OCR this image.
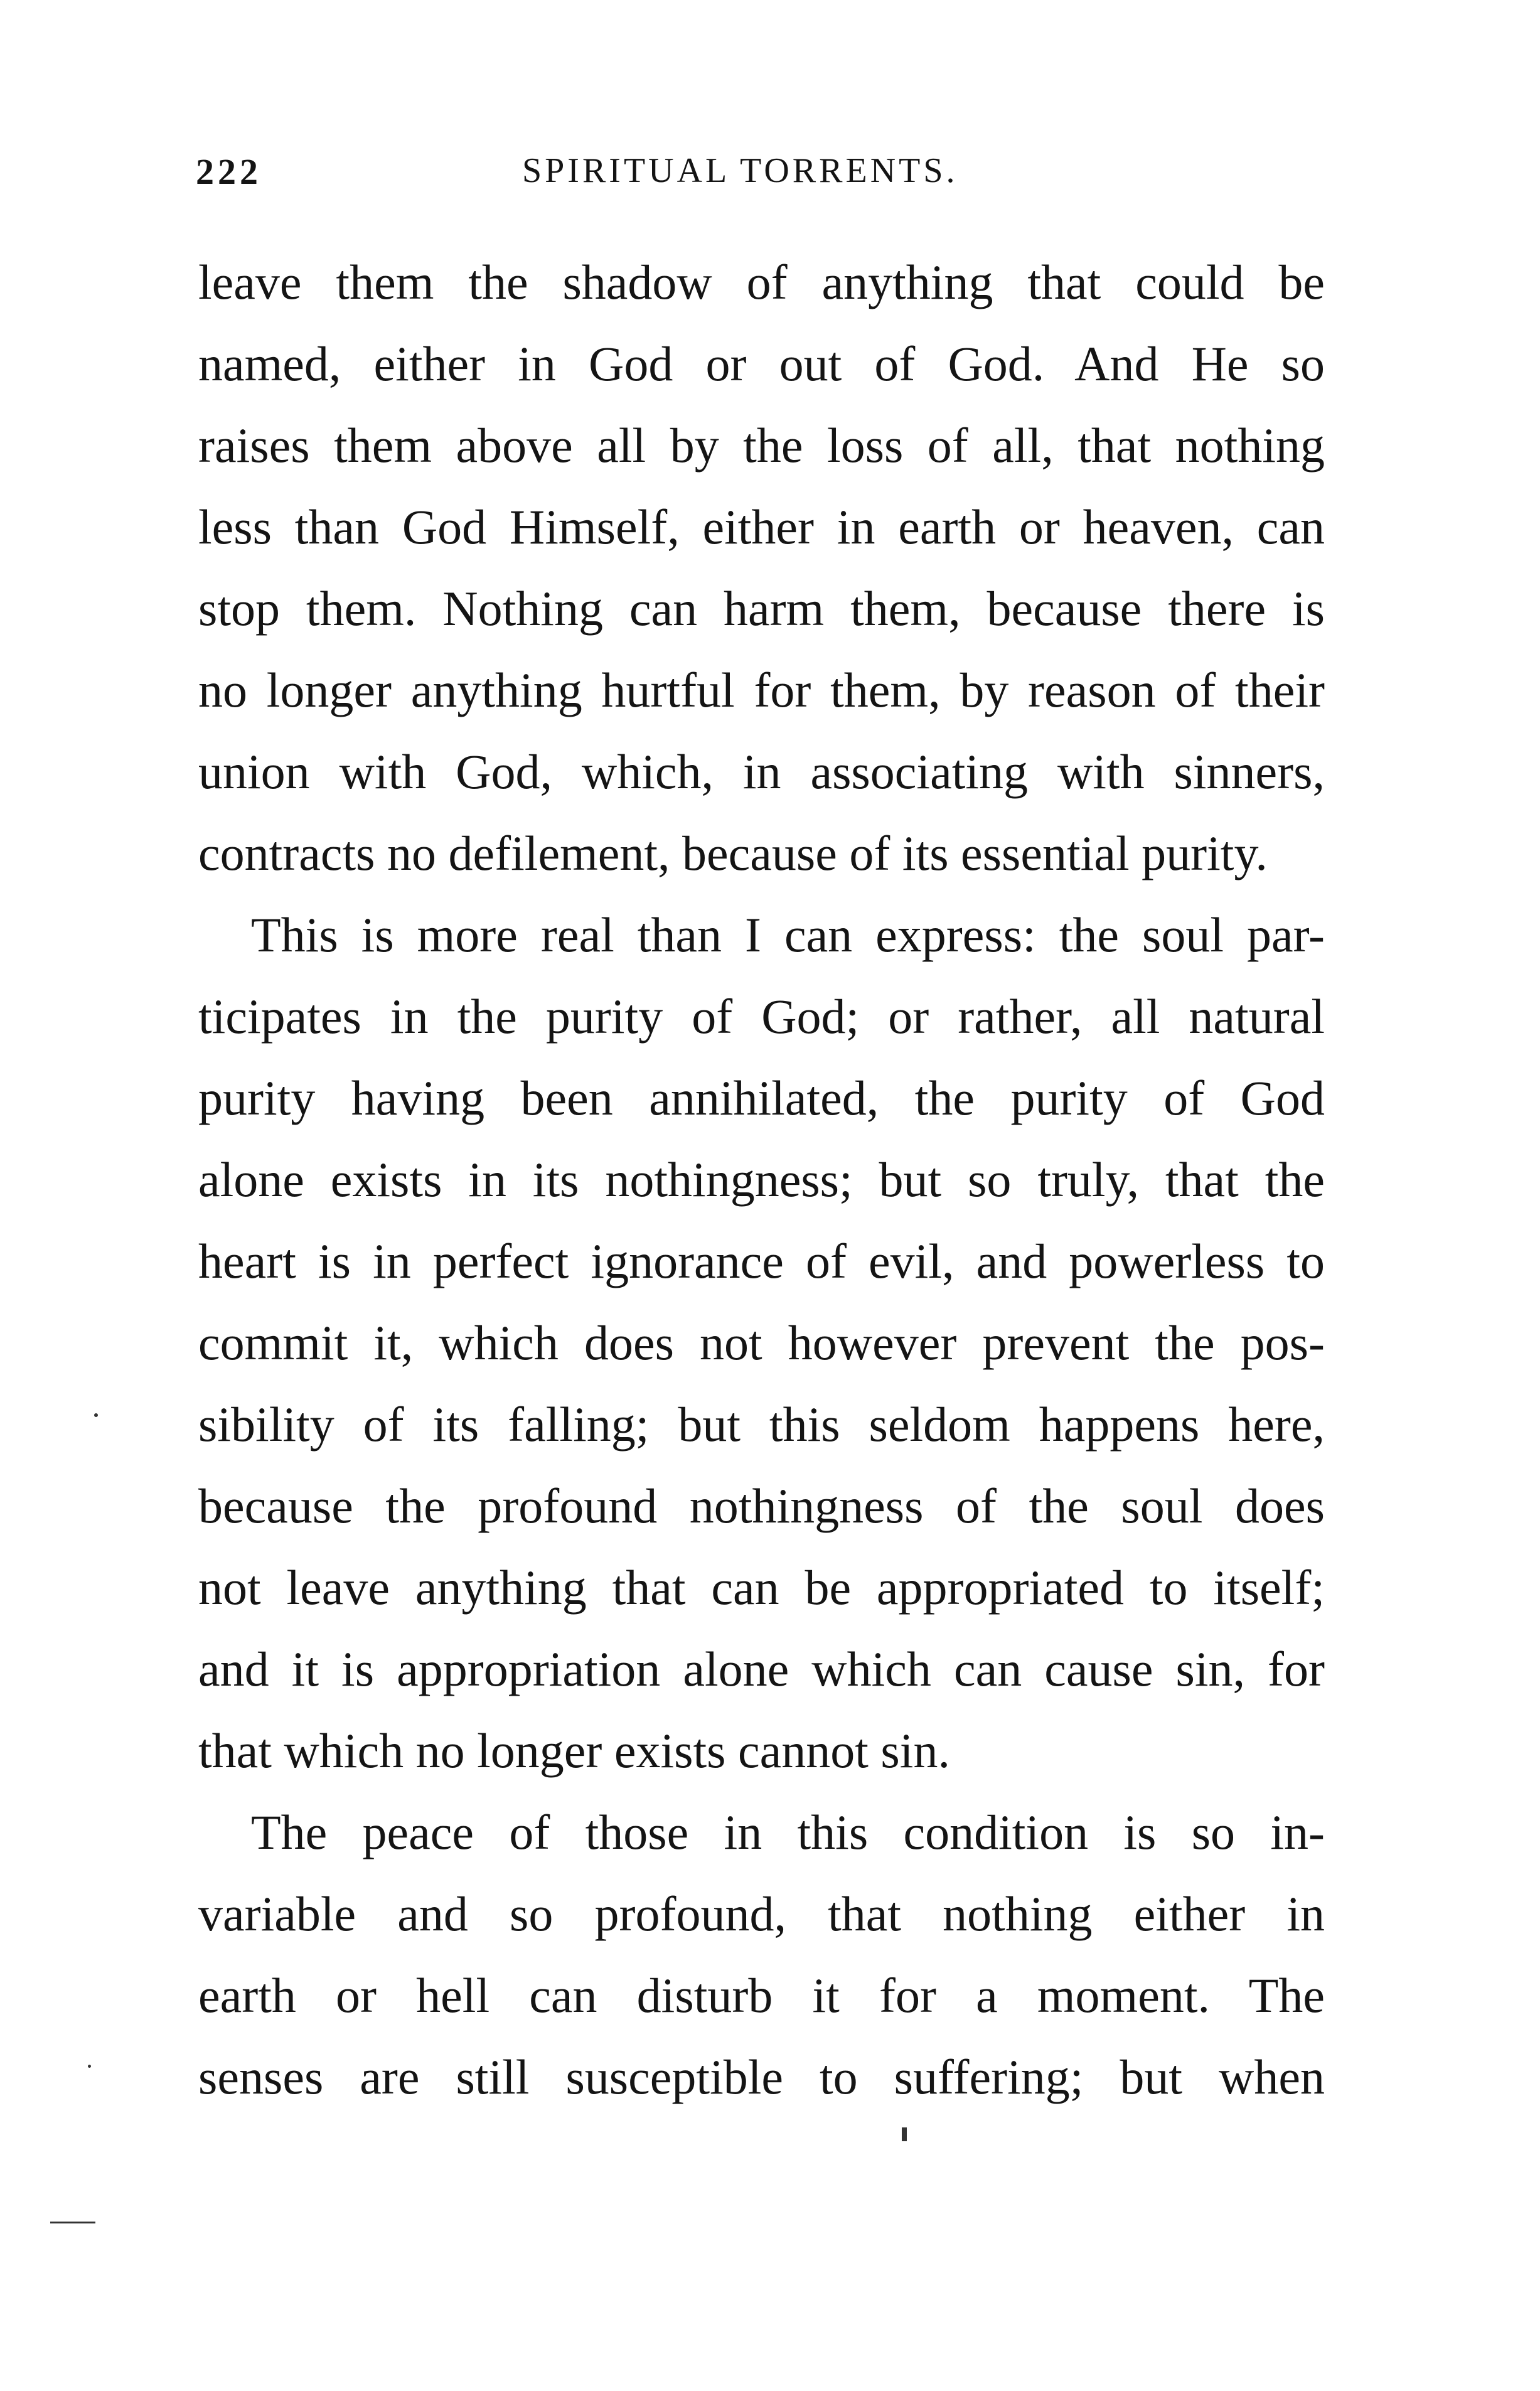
222	SPIRITUAL TORRENTS.
leave them the shadow of anything that could be
named, either in God or out of God. And He so
raises them above all by the loss of all, that nothing
less than God Himself, either in earth or heaven, can
stop them. Nothing can harm them, because there is
no longer anything hurtful for them, by reason of their
union with God, which, in associating with sinners,
contracts no defilement, because of its essential purity.
This is more real than I can express: the soul par-
ticipates in the purity of God; or rather, all natural
purity having been annihilated, the purity of God
alone exists in its nothingness; but so truly, that the
heart is in perfect ignorance of evil, and powerless to
commit it, which does not however prevent the pos-
sibility of its falling; but this seldom happens here,
because the profound nothingness of the soul does
not leave anything that can be appropriated to itself;
and it is appropriation alone which can cause sin, for
that which no longer exists cannot sin.
The peace of those in this condition is so in-
variable and so profound, that nothing either in
earth or hell can disturb it for a moment. The
senses are still susceptible to suffering; but when
